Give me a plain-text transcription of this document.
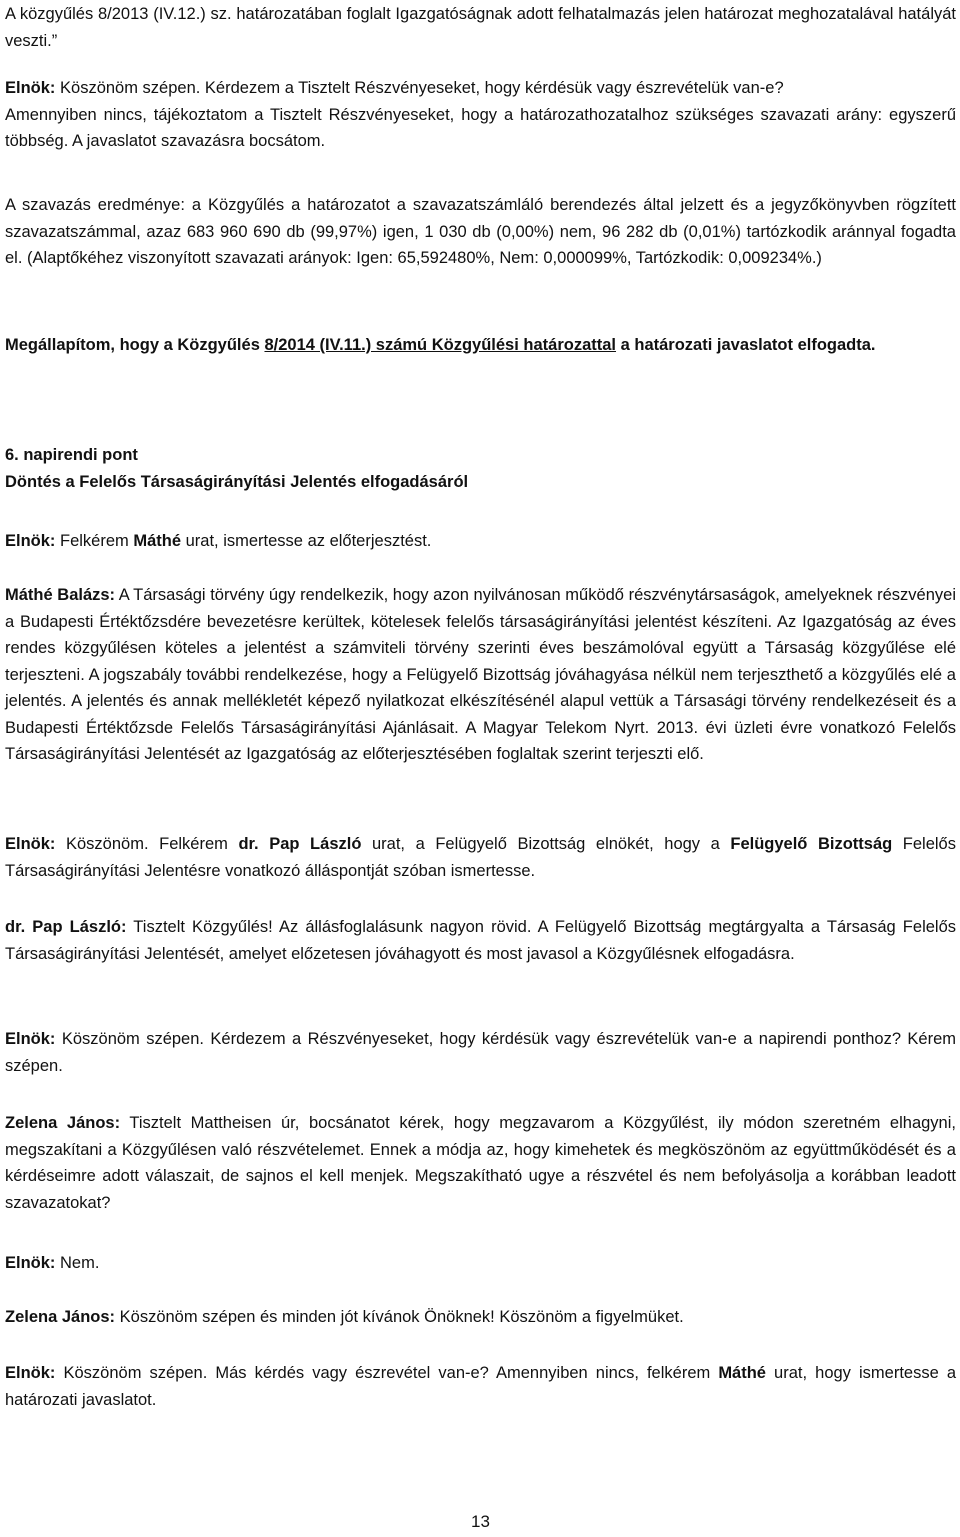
A közgyűlés 8/2013 (IV.12.) sz. határozatában foglalt Igazgatóságnak adott felhatalmazás jelen határozat meghozatalával hatályát veszti.”

Elnök: Köszönöm szépen. Kérdezem a Tisztelt Részvényeseket, hogy kérdésük vagy észrevételük van-e?
Amennyiben nincs, tájékoztatom a Tisztelt Részvényeseket, hogy a határozathozatalhoz szükséges szavazati arány: egyszerű többség. A javaslatot szavazásra bocsátom.

A szavazás eredménye: a Közgyűlés a határozatot a szavazatszámláló berendezés által jelzett és a jegyzőkönyvben rögzített szavazatszámmal, azaz 683 960 690 db (99,97%) igen, 1 030 db (0,00%) nem, 96 282 db (0,01%) tartózkodik aránnyal fogadta el. (Alaptőkéhez viszonyított szavazati arányok: Igen: 65,592480%, Nem: 0,000099%, Tartózkodik: 0,009234%.)

Megállapítom, hogy a Közgyűlés 8/2014 (IV.11.) számú Közgyűlési határozattal a határozati javaslatot elfogadta.

6. napirendi pont
Döntés a Felelős Társaságirányítási Jelentés elfogadásáról

Elnök: Felkérem Máthé urat, ismertesse az előterjesztést.

Máthé Balázs: A Társasági törvény úgy rendelkezik, hogy azon nyilvánosan működő részvénytársaságok, amelyeknek részvényei a Budapesti Értéktőzsdére bevezetésre kerültek, kötelesek felelős társaságirányítási jelentést készíteni. Az Igazgatóság az éves rendes közgyűlésen köteles a jelentést a számviteli törvény szerinti éves beszámolóval együtt a Társaság közgyűlése elé terjeszteni. A jogszabály további rendelkezése, hogy a Felügyelő Bizottság jóváhagyása nélkül nem terjeszthető a közgyűlés elé a jelentés. A jelentés és annak mellékletét képező nyilatkozat elkészítésénél alapul vettük a Társasági törvény rendelkezéseit és a Budapesti Értéktőzsde Felelős Társaságirányítási Ajánlásait. A Magyar Telekom Nyrt. 2013. évi üzleti évre vonatkozó Felelős Társaságirányítási Jelentését az Igazgatóság az előterjesztésében foglaltak szerint terjeszti elő.

Elnök: Köszönöm. Felkérem dr. Pap László urat, a Felügyelő Bizottság elnökét, hogy a Felügyelő Bizottság Felelős Társaságirányítási Jelentésre vonatkozó álláspontját szóban ismertesse.

dr. Pap László: Tisztelt Közgyűlés! Az állásfoglalásunk nagyon rövid. A Felügyelő Bizottság megtárgyalta a Társaság Felelős Társaságirányítási Jelentését, amelyet előzetesen jóváhagyott és most javasol a Közgyűlésnek elfogadásra.

Elnök: Köszönöm szépen. Kérdezem a Részvényeseket, hogy kérdésük vagy észrevételük van-e a napirendi ponthoz? Kérem szépen.

Zelena János: Tisztelt Mattheisen úr, bocsánatot kérek, hogy megzavarom a Közgyűlést, ily módon szeretném elhagyni, megszakítani a Közgyűlésen való részvételemet. Ennek a módja az, hogy kimehetek és megköszönöm az együttműködését és a kérdéseimre adott válaszait, de sajnos el kell menjek. Megszakítható ugye a részvétel és nem befolyásolja a korábban leadott szavazatokat?

Elnök: Nem.

Zelena János: Köszönöm szépen és minden jót kívánok Önöknek! Köszönöm a figyelmüket.

Elnök: Köszönöm szépen. Más kérdés vagy észrevétel van-e? Amennyiben nincs, felkérem Máthé urat, hogy ismertesse a határozati javaslatot.

13
